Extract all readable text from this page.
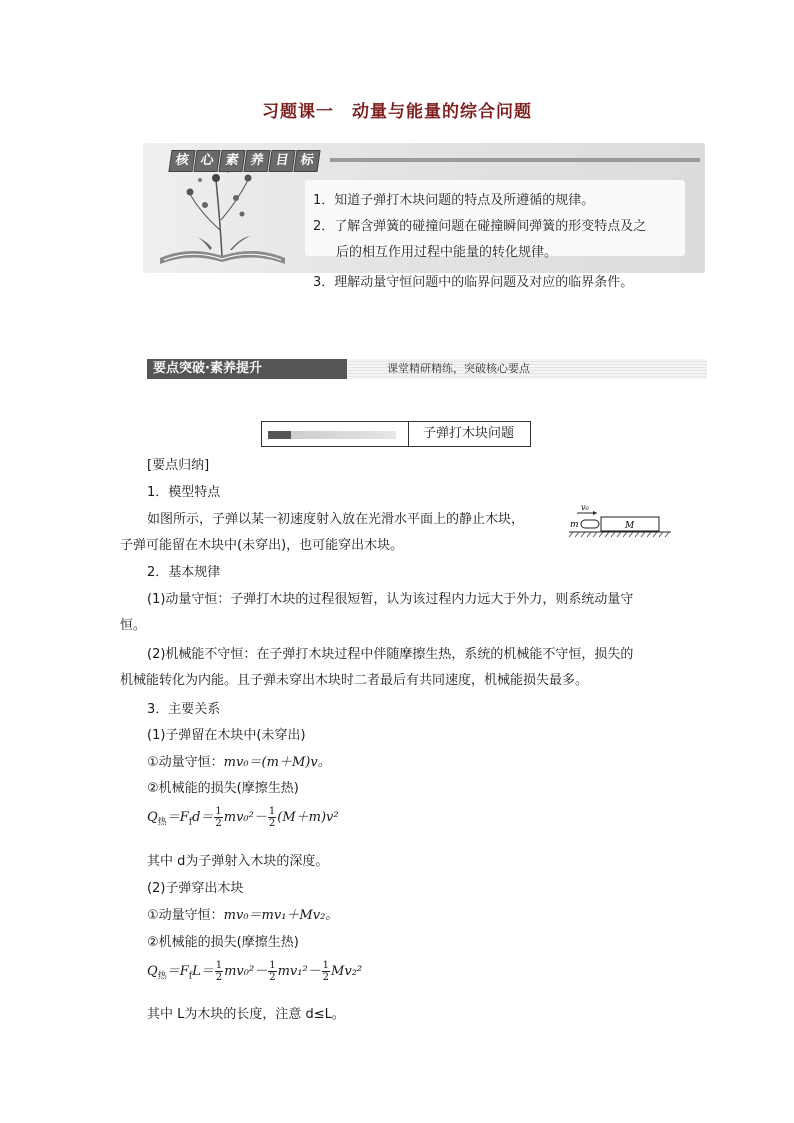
习题课一　动量与能量的综合问题
核 心 素 养 目 标
1．知道子弹打木块问题的特点及所遵循的规律。
2．了解含弹簧的碰撞问题在碰撞瞬间弹簧的形变特点及之
后的相互作用过程中能量的转化规律。
3．理解动量守恒问题中的临界问题及对应的临界条件。
要点突破·素养提升	课堂精研精练，突破核心要点
子弹打木块问题
[要点归纳]
1．模型特点
如图所示，子弹以某一初速度射入放在光滑水平面上的静止木块，
子弹可能留在木块中(未穿出)，也可能穿出木块。
v₀
m	M
2．基本规律
(1)动量守恒：子弹打木块的过程很短暂，认为该过程内力远大于外力，则系统动量守
恒。
(2)机械能不守恒：在子弹打木块过程中伴随摩擦生热，系统的机械能不守恒，损失的
机械能转化为内能。且子弹未穿出木块时二者最后有共同速度，机械能损失最多。
3．主要关系
(1)子弹留在木块中(未穿出)
①动量守恒：mv₀＝(m＋M)v。
②机械能的损失(摩擦生热)
$Q_热=F_fd= \frac{1}{2} mv_0^2- \frac{1}{2} (M+m)v^2$
其中 d为子弹射入木块的深度。
(2)子弹穿出木块
①动量守恒：mv₀＝mv₁＋Mv₂。
②机械能的损失(摩擦生热)
$Q_热=F_fL= \frac{1}{2} mv_0^2- \frac{1}{2} mv_1^2- \frac{1}{2} Mv_2^2$
其中 L为木块的长度，注意 d≤L。
